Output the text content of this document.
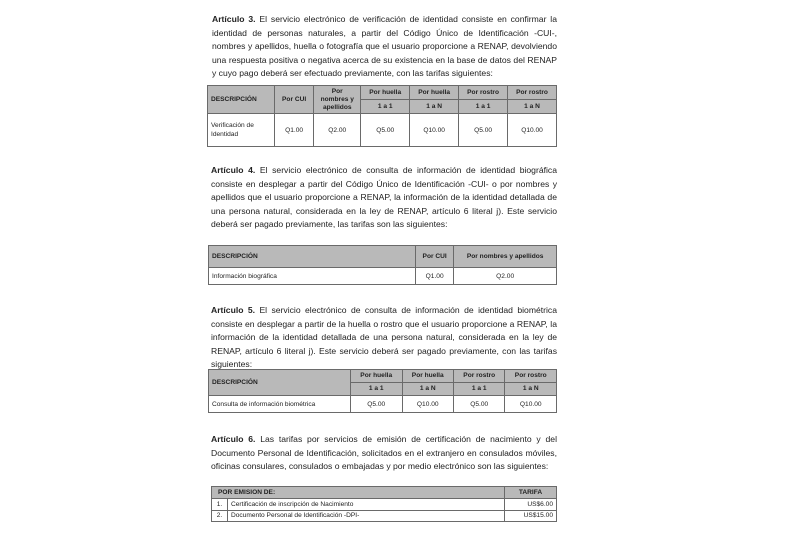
Artículo 3. El servicio electrónico de verificación de identidad consiste en confirmar la identidad de personas naturales, a partir del Código Único de Identificación -CUI-, nombres y apellidos, huella o fotografía que el usuario proporcione a RENAP, devolviendo una respuesta positiva o negativa acerca de su existencia en la base de datos del RENAP y cuyo pago deberá ser efectuado previamente, con las tarifas siguientes:
DESCRIPCIÓN	Por CUI	Por nombres y apellidos	Por huella	Por huella	Por rostro	Por rostro
			1 a 1	1 a N	1 a 1	1 a N
Verificación de Identidad	Q1.00	Q2.00	Q5.00	Q10.00	Q5.00	Q10.00
Artículo 4. El servicio electrónico de consulta de información de identidad biográfica consiste en desplegar a partir del Código Único de Identificación -CUI- o por nombres y apellidos que el usuario proporcione a RENAP, la información de la identidad detallada de una persona natural, considerada en la ley de RENAP, artículo 6 literal j). Este servicio deberá ser pagado previamente, las tarifas son las siguientes:
DESCRIPCIÓN	Por CUI	Por nombres y apellidos
Información biográfica	Q1.00	Q2.00
Artículo 5. El servicio electrónico de consulta de información de identidad biométrica consiste en desplegar a partir de la huella o rostro que el usuario proporcione a RENAP, la información de la identidad detallada de una persona natural, considerada en la ley de RENAP, artículo 6 literal j). Este servicio deberá ser pagado previamente, con las tarifas siguientes:
DESCRIPCIÓN	Por huella	Por huella	Por rostro	Por rostro
	1 a 1	1 a N	1 a 1	1 a N
Consulta de información biométrica	Q5.00	Q10.00	Q5.00	Q10.00
Artículo 6. Las tarifas por servicios de emisión de certificación de nacimiento y del Documento Personal de Identificación, solicitados en el extranjero en consulados móviles, oficinas consulares, consulados o embajadas y por medio electrónico son las siguientes:
POR EMISION DE:		TARIFA
1.	Certificación de inscripción de Nacimiento	US$6.00
2.	Documento Personal de Identificación -DPI-	US$15.00
